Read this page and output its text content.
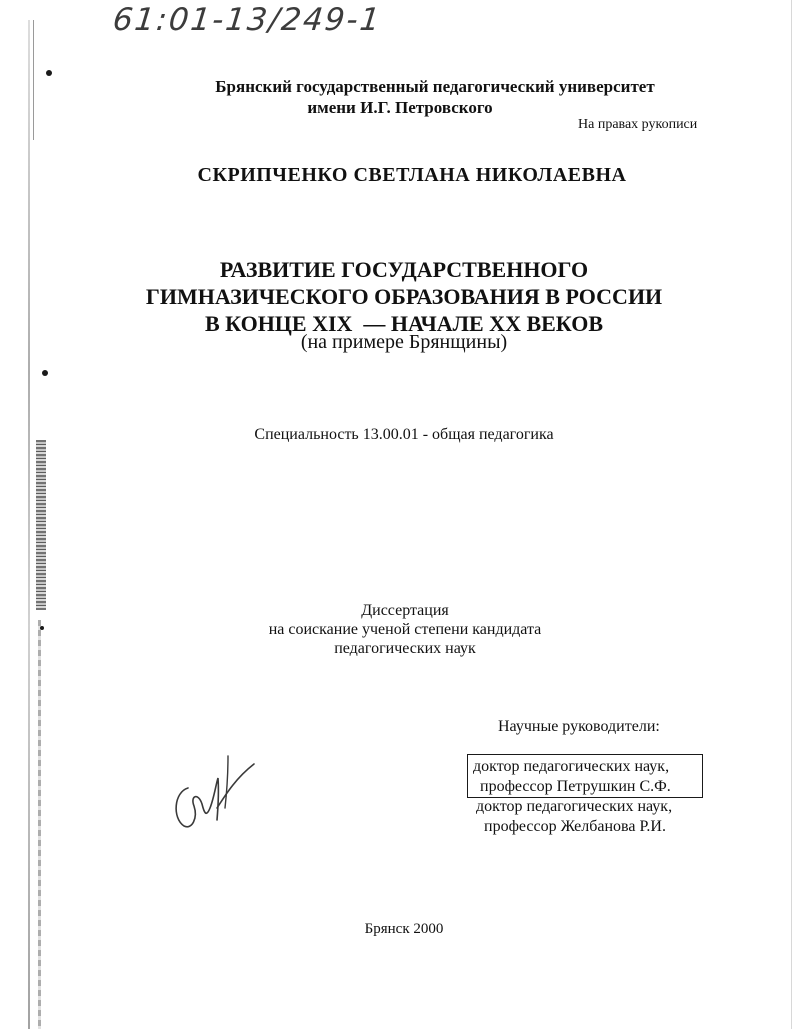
61:01-13/249-1
Брянский государственный педагогический университет
имени И.Г. Петровского
На правах рукописи
СКРИПЧЕНКО СВЕТЛАНА НИКОЛАЕВНА
РАЗВИТИЕ ГОСУДАРСТВЕННОГО
ГИМНАЗИЧЕСКОГО ОБРАЗОВАНИЯ В РОССИИ
В КОНЦЕ XIX  — НАЧАЛЕ XX ВЕКОВ
(на примере Брянщины)
Специальность 13.00.01 - общая педагогика
Диссертация
на соискание ученой степени кандидата
педагогических наук
Научные руководители:
доктор педагогических наук,
профессор Петрушкин С.Ф.
доктор педагогических наук,
профессор Желбанова Р.И.
Брянск 2000
